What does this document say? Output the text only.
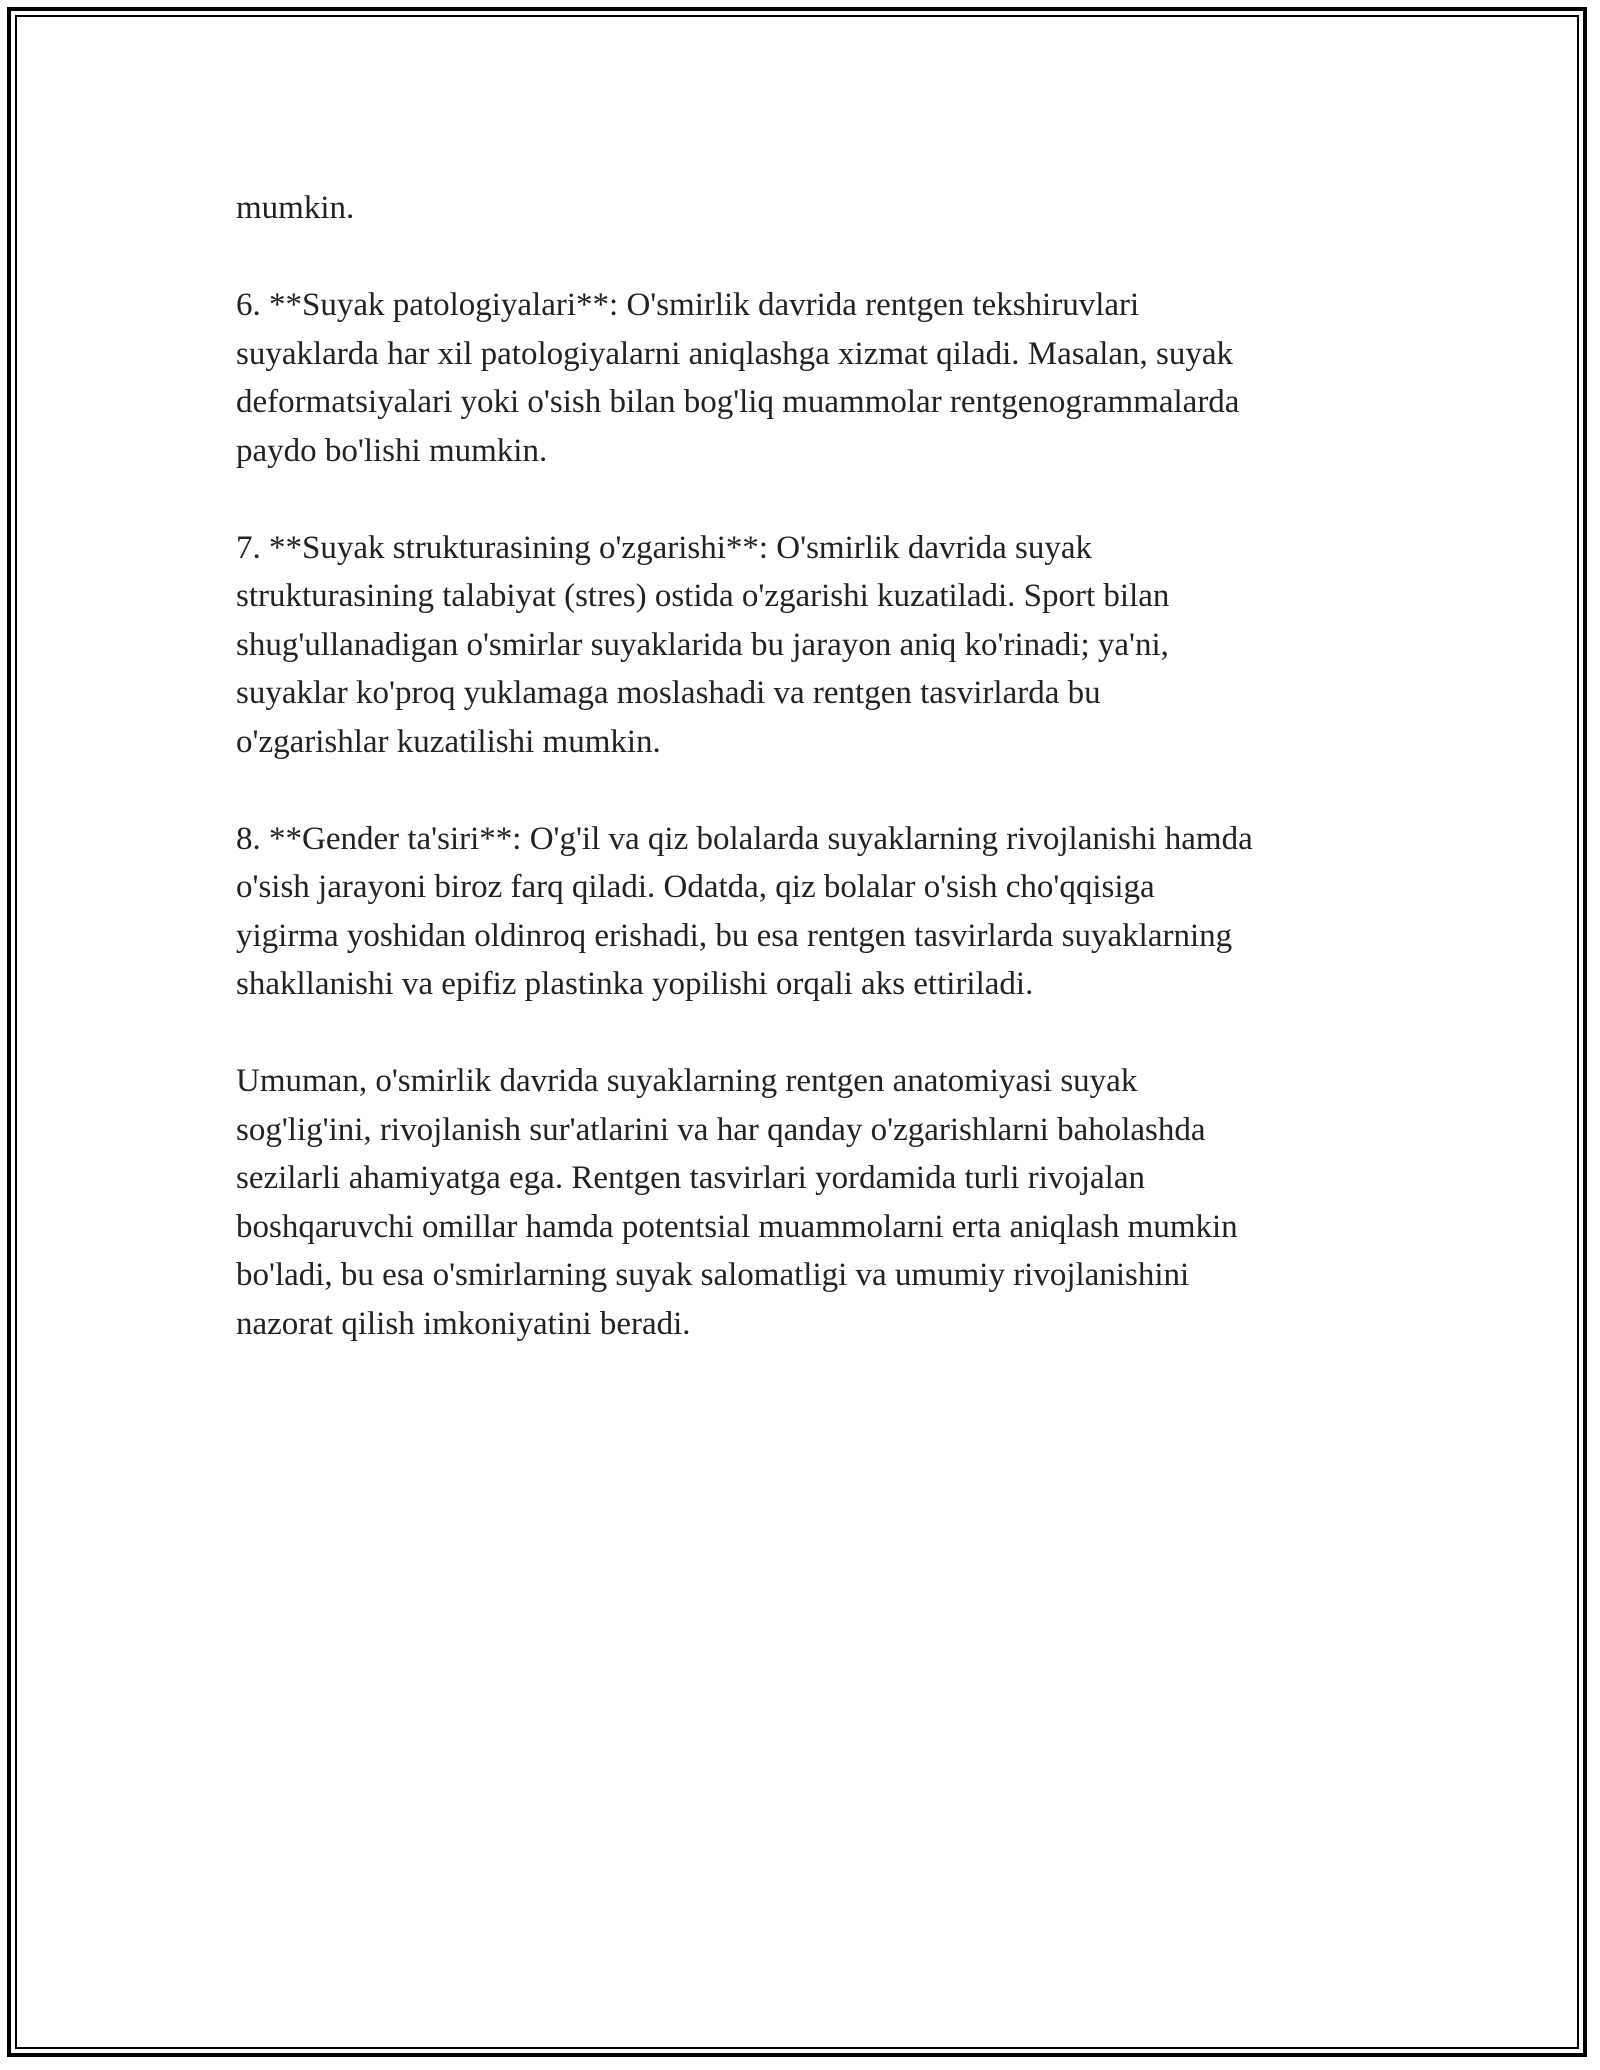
mumkin.

6. **Suyak patologiyalari**: O'smirlik davrida rentgen tekshiruvlari
suyaklarda har xil patologiyalarni aniqlashga xizmat qiladi. Masalan, suyak
deformatsiyalari yoki o'sish bilan bog'liq muammolar rentgenogrammalarda
paydo bo'lishi mumkin.

7. **Suyak strukturasining o'zgarishi**: O'smirlik davrida suyak
strukturasining talabiyat (stres) ostida o'zgarishi kuzatiladi. Sport bilan
shug'ullanadigan o'smirlar suyaklarida bu jarayon aniq ko'rinadi; ya'ni,
suyaklar ko'proq yuklamaga moslashadi va rentgen tasvirlarda bu
o'zgarishlar kuzatilishi mumkin.

8. **Gender ta'siri**: O'g'il va qiz bolalarda suyaklarning rivojlanishi hamda
o'sish jarayoni biroz farq qiladi. Odatda, qiz bolalar o'sish cho'qqisiga
yigirma yoshidan oldinroq erishadi, bu esa rentgen tasvirlarda suyaklarning
shakllanishi va epifiz plastinka yopilishi orqali aks ettiriladi.

Umuman, o'smirlik davrida suyaklarning rentgen anatomiyasi suyak
sog'lig'ini, rivojlanish sur'atlarini va har qanday o'zgarishlarni baholashda
sezilarli ahamiyatga ega. Rentgen tasvirlari yordamida turli rivojalan
boshqaruvchi omillar hamda potentsial muammolarni erta aniqlash mumkin
bo'ladi, bu esa o'smirlarning suyak salomatligi va umumiy rivojlanishini
nazorat qilish imkoniyatini beradi.
